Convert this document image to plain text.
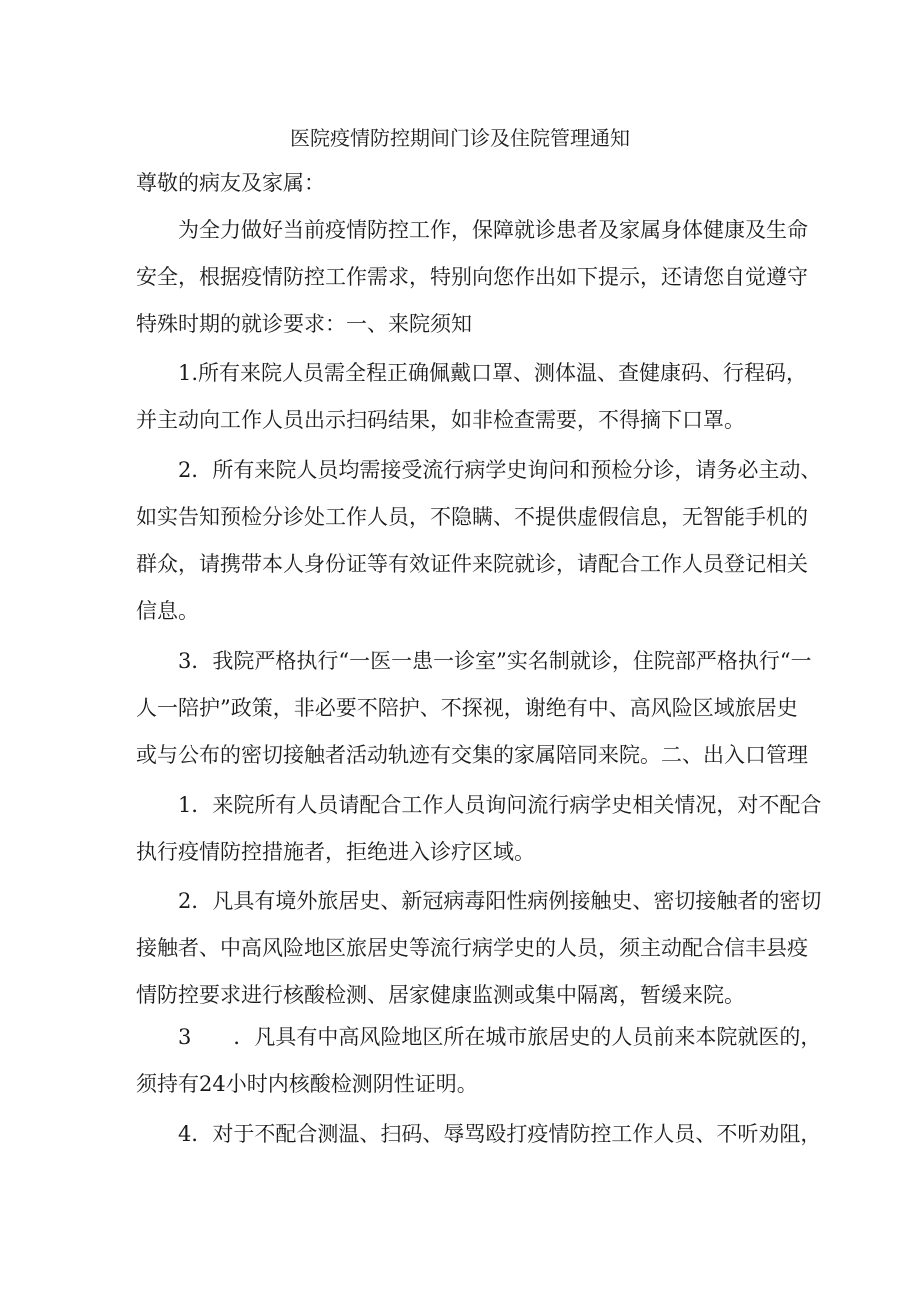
医院疫情防控期间门诊及住院管理通知
尊敬的病友及家属：
为全力做好当前疫情防控工作，保障就诊患者及家属身体健康及生命
安全，根据疫情防控工作需求，特别向您作出如下提示，还请您自觉遵守
特殊时期的就诊要求：一、来院须知
1.所有来院人员需全程正确佩戴口罩、测体温、查健康码、行程码，
并主动向工作人员出示扫码结果，如非检查需要，不得摘下口罩。
2．所有来院人员均需接受流行病学史询问和预检分诊，请务必主动、
如实告知预检分诊处工作人员，不隐瞒、不提供虚假信息，无智能手机的
群众，请携带本人身份证等有效证件来院就诊，请配合工作人员登记相关
信息。
3．我院严格执行“一医一患一诊室”实名制就诊，住院部严格执行“一
人一陪护”政策，非必要不陪护、不探视，谢绝有中、高风险区域旅居史
或与公布的密切接触者活动轨迹有交集的家属陪同来院。二、出入口管理
1．来院所有人员请配合工作人员询问流行病学史相关情况，对不配合
执行疫情防控措施者，拒绝进入诊疗区域。
2．凡具有境外旅居史、新冠病毒阳性病例接触史、密切接触者的密切
接触者、中高风险地区旅居史等流行病学史的人员，须主动配合信丰县疫
情防控要求进行核酸检测、居家健康监测或集中隔离，暂缓来院。
3　　．凡具有中高风险地区所在城市旅居史的人员前来本院就医的，
须持有24小时内核酸检测阴性证明。
4．对于不配合测温、扫码、辱骂殴打疫情防控工作人员、不听劝阻，
